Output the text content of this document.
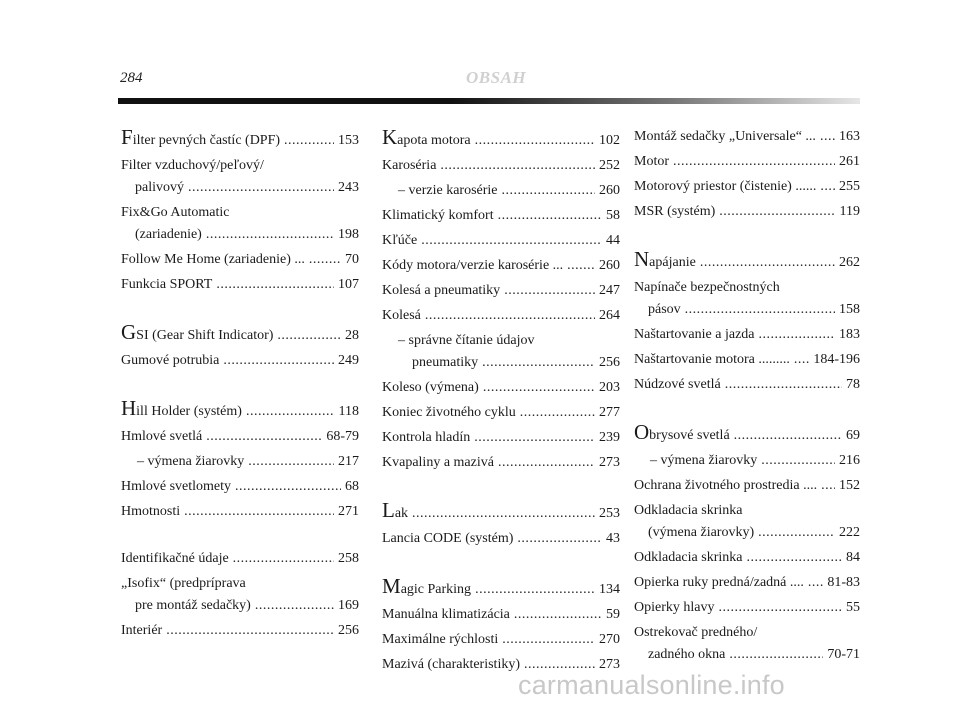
284	OBSAH
Filter pevných častíc (DPF) .....	153
Filter vzduchový/peľový/
palivový .....	243
Fix&Go Automatic
(zariadenie) .....	198
Follow Me Home (zariadenie) ... .....	70
Funkcia SPORT .....	107
GSI (Gear Shift Indicator) .....	28
Gumové potrubia .....	249
Hill Holder (systém) .....	118
Hmlové svetlá .....	68-79
– výmena žiarovky .....	217
Hmlové svetlomety .....	68
Hmotnosti .....	271
Identifikačné údaje .....	258
„Isofix“ (predpríprava
pre montáž sedačky) .....	169
Interiér .....	256
Kapota motora .....	102
Karoséria .....	252
– verzie karosérie .....	260
Klimatický komfort .....	58
Kľúče .....	44
Kódy motora/verzie karosérie ... .....	260
Kolesá a pneumatiky .....	247
Kolesá .....	264
– správne čítanie údajov
pneumatiky .....	256
Koleso (výmena) .....	203
Koniec životného cyklu .....	277
Kontrola hladín .....	239
Kvapaliny a mazivá .....	273
Lak .....	253
Lancia CODE (systém) .....	43
Magic Parking .....	134
Manuálna klimatizácia .....	59
Maximálne rýchlosti .....	270
Mazivá (charakteristiky) .....	273
Montáž sedačky „Universale“ ... ..... 163
Motor .....	261
Motorový priestor (čistenie) ...... ..... 255
MSR (systém) .....	119
Napájanie .....	262
Napínače bezpečnostných
pásov .....	158
Naštartovanie a jazda .....	183
Naštartovanie motora ......... ..... 184-196
Núdzové svetlá .....	78
Obrysové svetlá .....	69
– výmena žiarovky .....	216
Ochrana životného prostredia .... ..... 152
Odkladacia skrinka
(výmena žiarovky) .....	222
Odkladacia skrinka .....	84
Opierka ruky predná/zadná .... ..... 81-83
Opierky hlavy .....	55
Ostrekovač predného/
zadného okna .....	70-71
carmanualsonline.info
